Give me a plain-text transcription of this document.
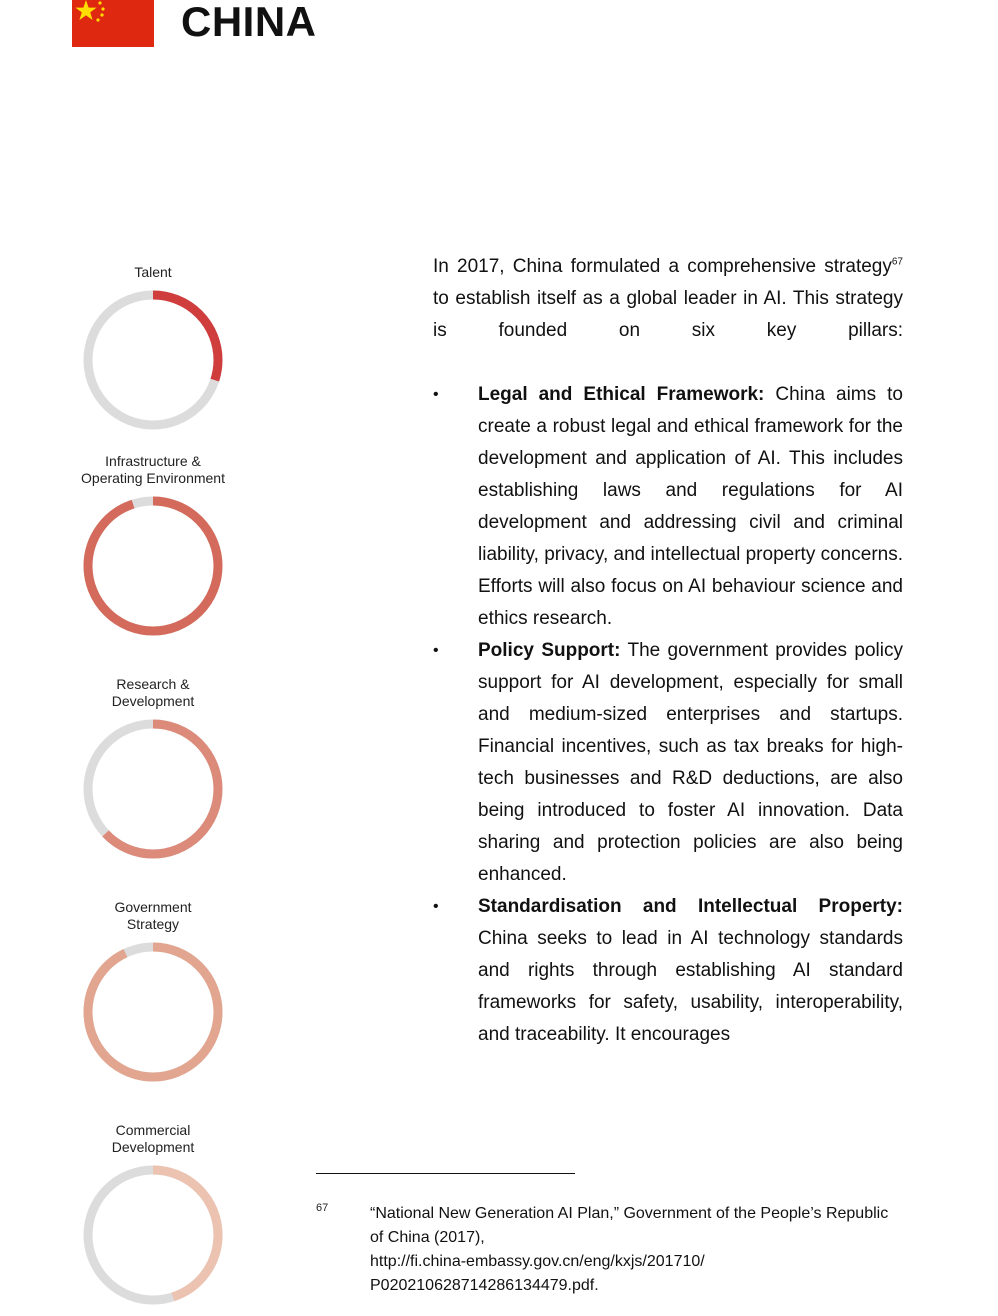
CHINA
Talent
Infrastructure &
Operating Environment
Research &
Development
Government
Strategy
Commercial
Development

In 2017, China formulated a comprehensive strategy$^{67}$ to establish itself as a global leader in AI. This strategy is founded on six key pillars:

• Legal and Ethical Framework: China aims to create a robust legal and ethical framework for the development and application of AI. This includes establishing laws and regulations for AI development and addressing civil and criminal liability, privacy, and intellectual property concerns. Efforts will also focus on AI behaviour science and ethics research.
• Policy Support: The government provides policy support for AI development, especially for small and medium-sized enterprises and startups. Financial incentives, such as tax breaks for high-tech businesses and R&D deductions, are also being introduced to foster AI innovation. Data sharing and protection policies are also being enhanced.
• Standardisation and Intellectual Property: China seeks to lead in AI technology standards and rights through establishing AI standard frameworks for safety, usability, interoperability, and traceability. It encourages
67	“National New Generation AI Plan,” Government of the People’s Republic
of China (2017),
http://fi.china-embassy.gov.cn/eng/kxjs/201710/
P020210628714286134479.pdf.
